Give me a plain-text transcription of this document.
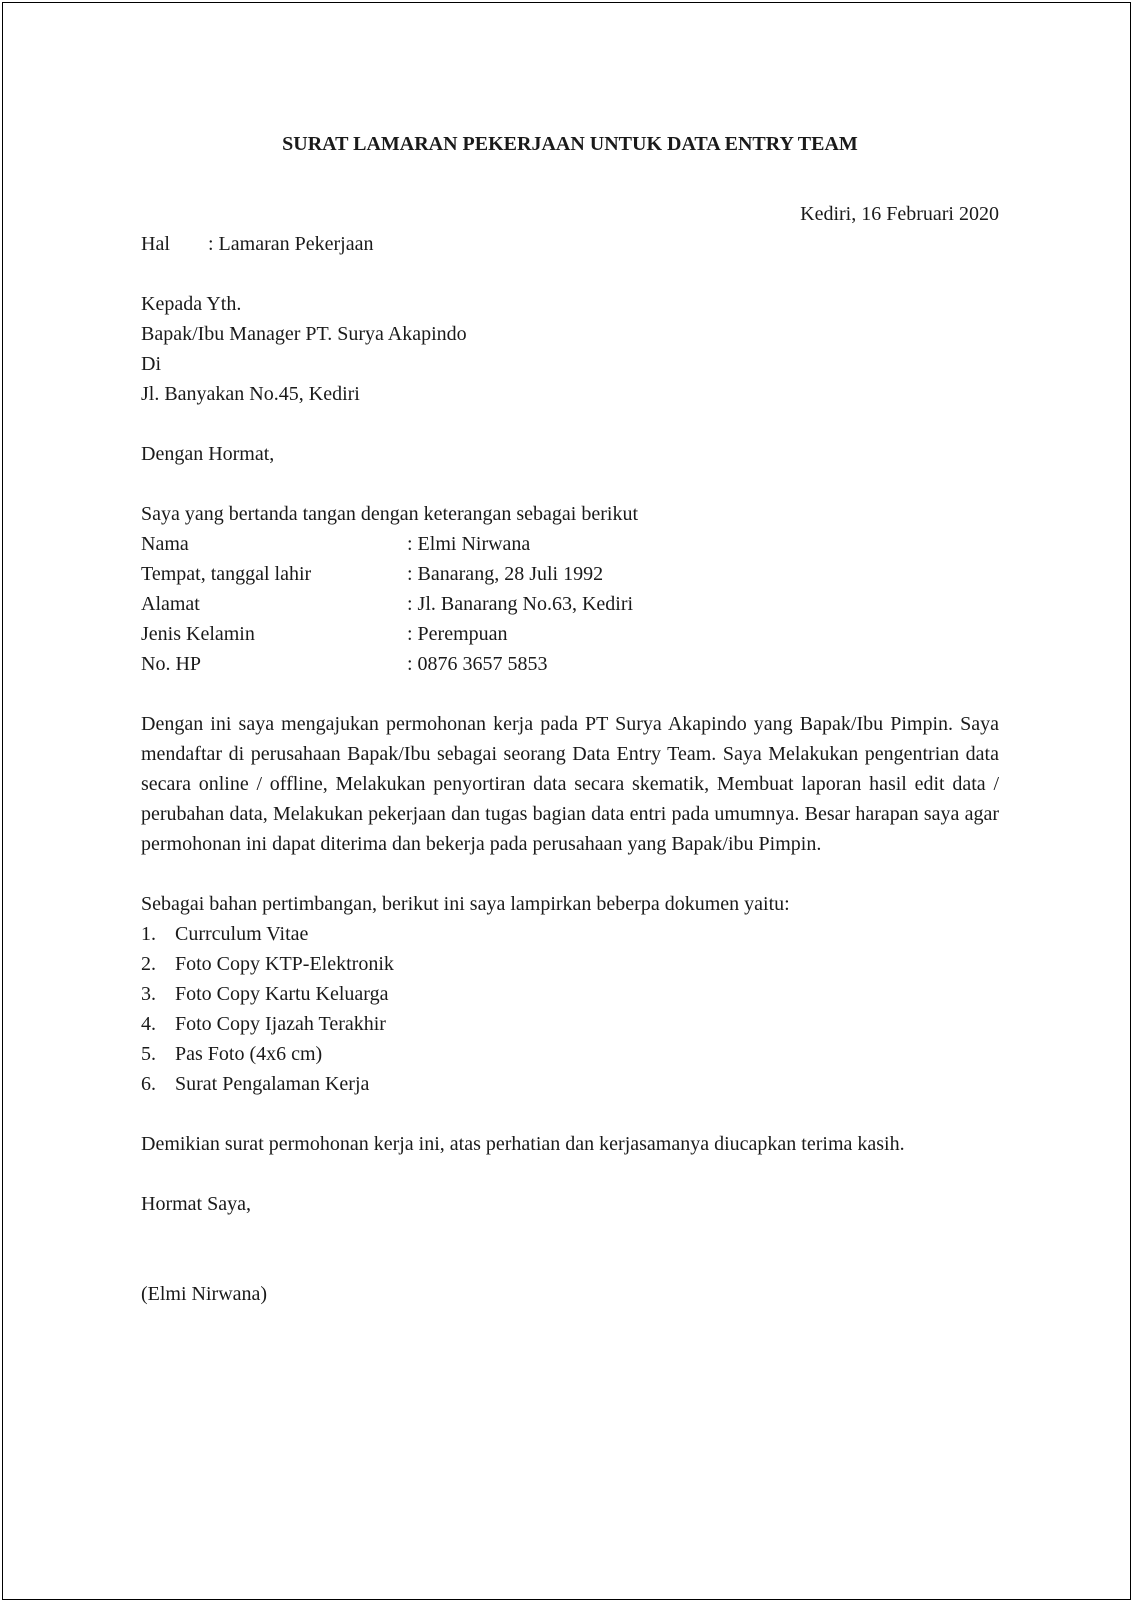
SURAT LAMARAN PEKERJAAN UNTUK DATA ENTRY TEAM
Kediri, 16 Februari 2020
Hal	: Lamaran Pekerjaan
Kepada Yth.
Bapak/Ibu Manager PT. Surya Akapindo
Di
Jl. Banyakan No.45, Kediri
Dengan Hormat,
Saya yang bertanda tangan dengan keterangan sebagai berikut
Nama	: Elmi Nirwana
Tempat, tanggal lahir	: Banarang, 28 Juli 1992
Alamat	: Jl. Banarang No.63, Kediri
Jenis Kelamin	: Perempuan
No. HP	: 0876 3657 5853

Dengan ini saya mengajukan permohonan kerja pada PT Surya Akapindo yang Bapak/Ibu Pimpin. Saya mendaftar di perusahaan Bapak/Ibu sebagai seorang Data Entry Team. Saya Melakukan pengentrian data secara online / offline, Melakukan penyortiran data secara skematik, Membuat laporan hasil edit data / perubahan data, Melakukan pekerjaan dan tugas bagian data entri pada umumnya. Besar harapan saya agar permohonan ini dapat diterima dan bekerja pada perusahaan yang Bapak/ibu Pimpin.

Sebagai bahan pertimbangan, berikut ini saya lampirkan beberpa dokumen yaitu:
1. Currculum Vitae
2. Foto Copy KTP-Elektronik
3. Foto Copy Kartu Keluarga
4. Foto Copy Ijazah Terakhir
5. Pas Foto (4x6 cm)
6. Surat Pengalaman Kerja

Demikian surat permohonan kerja ini, atas perhatian dan kerjasamanya diucapkan terima kasih.

Hormat Saya,
(Elmi Nirwana)
